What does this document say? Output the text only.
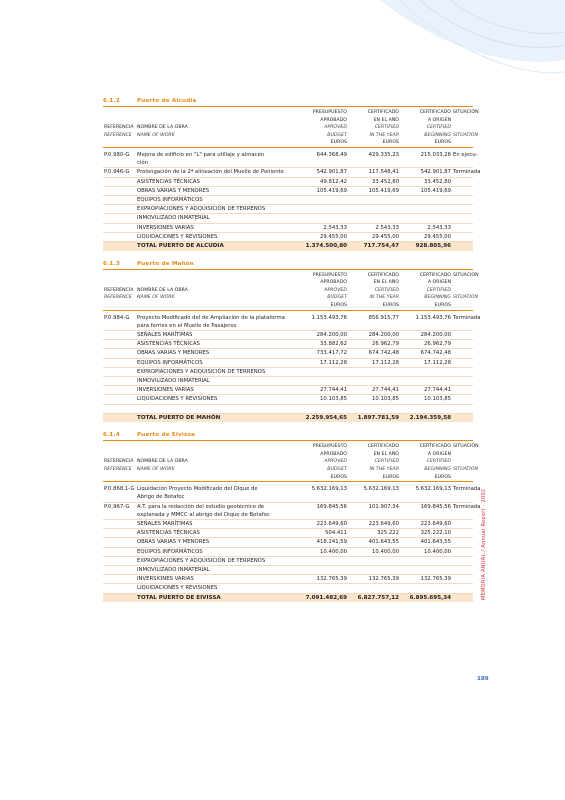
6.1.2	Puerto de Alcudia

		PRESUPUESTO	CERTIFICADO	CERTIFICADO	SITUACIÓN
		APROBADO	EN EL AÑO	A ORIGEN	
REFERENCIA	NOMBRE DE LA OBRA	APROVED	CERTIFIED	CERTIFIED	
REFERENCE	NAME OF WORK	BUDGET	IN THE YEAR	BEGINNING	SITUATION
		EUROS	EUROS	EUROS	

P.0.980-G	Mejora de edificio en "L" para utillaje y almacén
ción	644.368,49	429.335,23	215.033,26	En ejecu-
P.0.946-G	Prolongación de la 2ª alineación del Muelle de Poniente	542.901,87	117.548,41	542.901,87	Terminada

	ASISTENCIAS TÉCNICAS	49.812,42	33.452,80	33.452,80	

	OBRAS VARIAS Y MENORES	105.419,69	105.419,69	105.419,69	

	EQUIPOS INFORMÁTICOS				

	EXPROPIACIONES Y ADQUISICIÓN DE TERRENOS				

	INMOVILIZADO INMATERIAL				

	INVERSIONES VARIAS	2.543,33	2.543,33	2.543,33	

	LIQUIDACIONES Y REVISIONES	29.455,00	29.455,00	29.455,00	
	TOTAL PUERTO DE ALCUDIA	1.374.500,80	717.754,47	928.805,96	
6.1.3	Puerto de Mahón

		PRESUPUESTO	CERTIFICADO	CERTIFICADO	SITUACIÓN
		APROBADO	EN EL AÑO	A ORIGEN	
REFERENCIA	NOMBRE DE LA OBRA	APROVED	CERTIFIED	CERTIFIED	
REFERENCE	NAME OF WORK	BUDGET	IN THE YEAR	BEGINNING	SITUATION
		EUROS	EUROS	EUROS	

P.0.984-G	Proyecto Modificado del de Ampliación de la plataforma
para ferries en el Muelle de Pasajeros	1.153.493,76	856.915,77	1.153.493,76	Terminada

	SEÑALES MARÍTIMAS	284.200,00	284.200,00	284.200,00	

	ASISTENCIAS TÉCNICAS	33.882,62	26.962,79	26.962,79	

	OBRAS VARIAS Y MENORES	733.417,72	674.742,48	674.742,48	

	EQUIPOS INFORMÁTICOS	17.112,28	17.112,28	17.112,28	

	EXPROPIACIONES Y ADQUISICIÓN DE TERRENOS				

	INMOVILIZADO INMATERIAL				

	INVERSIONES VARIAS	27.744,41	27.744,41	27.744,41	

	LIQUIDACIONES Y REVISIONES	10.103,85	10.103,85	10.103,85	

	TOTAL PUERTO DE MAHÓN	2.259.954,65	1.897.781,59	2.194.359,58	
6.1.4	Puerto de Eivissa

		PRESUPUESTO	CERTIFICADO	CERTIFICADO	SITUACIÓN
		APROBADO	EN EL AÑO	A ORIGEN	
REFERENCIA	NOMBRE DE LA OBRA	APROVED	CERTIFIED	CERTIFIED	
REFERENCE	NAME OF WORK	BUDGET	IN THE YEAR	BEGINNING	SITUATION
		EUROS	EUROS	EUROS	

P.0.868.1-G	Liquidación Proyecto Modificado del Dique de
Abrigo de Botafoc	5.632.169,13	5.632.169,13	5.632.169,13	Terminada
P.0.967-G	A.T. para la redacción del estudio geotécnico de
explanada y MMCC al abrigo del Dique de Botafoc	169.845,56	101.907,34	169.845,56	Terminada

	SEÑALES MARÍTIMAS	223.649,60	223.649,60	223.649,60	

	ASISTENCIAS TÉCNICAS	504.411	325.222	325.222,10	

	OBRAS VARIAS Y MENORES	418.241,59	401.643,55	401.643,55	

	EQUIPOS INFORMÁTICOS	10.400,00	10.400,00	10.400,00	

	EXPROPIACIONES Y ADQUISICIÓN DE TERRENOS				

	INMOVILIZADO INMATERIAL				

	INVERSIONES VARIAS	132.765,39	132.765,39	132.765,39	

	LIQUIDACIONES Y REVISIONES				

	TOTAL PUERTO DE EIVISSA	7.091.482,69	6.827.757,12	6.895.695,34		MEMORIA ANUAL / Annual Report · 2002
189
